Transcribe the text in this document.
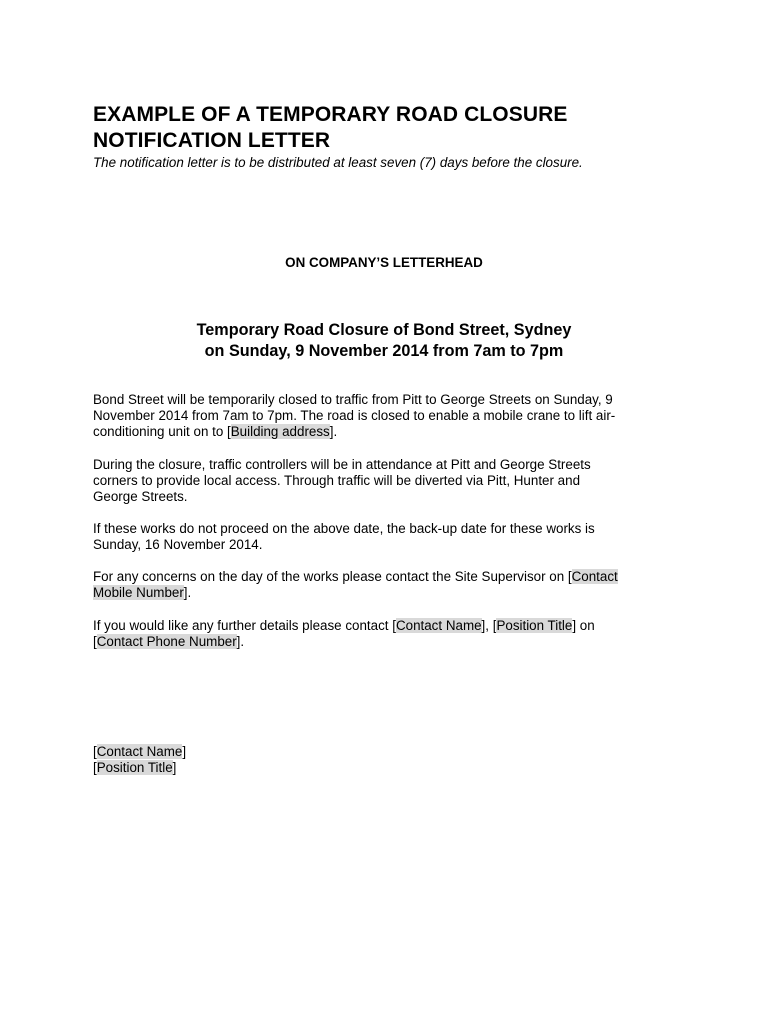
EXAMPLE OF A TEMPORARY ROAD CLOSURE
NOTIFICATION LETTER
The notification letter is to be distributed at least seven (7) days before the closure.
ON COMPANY’S LETTERHEAD
Temporary Road Closure of Bond Street, Sydney
on Sunday, 9 November 2014 from 7am to 7pm
Bond Street will be temporarily closed to traffic from Pitt to George Streets on Sunday, 9
November 2014 from 7am to 7pm. The road is closed to enable a mobile crane to lift air-
conditioning unit on to [Building address].
During the closure, traffic controllers will be in attendance at Pitt and George Streets
corners to provide local access. Through traffic will be diverted via Pitt, Hunter and
George Streets.
If these works do not proceed on the above date, the back-up date for these works is
Sunday, 16 November 2014.
For any concerns on the day of the works please contact the Site Supervisor on [Contact
Mobile Number].
If you would like any further details please contact [Contact Name], [Position Title] on
[Contact Phone Number].
[Contact Name]
[Position Title]
